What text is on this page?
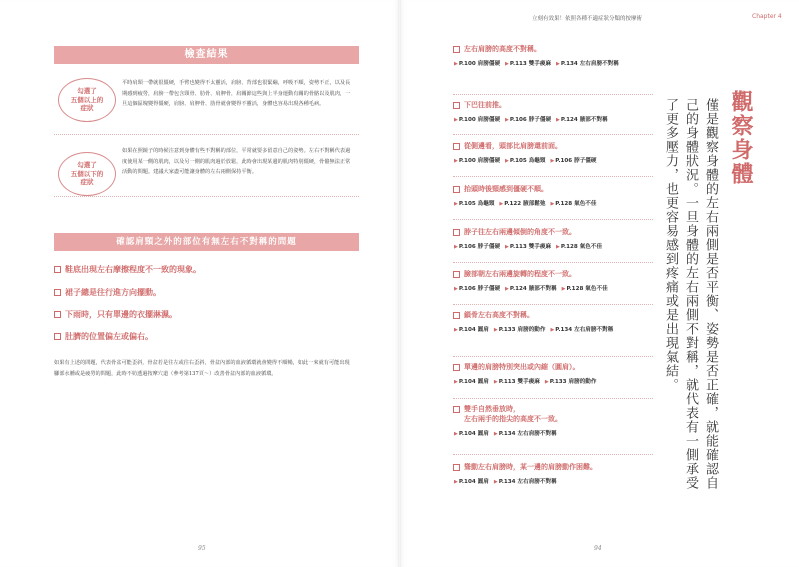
檢查結果
勾選了
五個以上的
症狀
平時肩頸一帶就很僵硬，手臂也變得不太靈活，肩膀、背部也很緊繃，呼吸不順，姿勢不正，以及長期感到疲勞，肩膀一帶包含頸骨、肋骨、肩胛骨，肩關節這些與上半身運動有關的骨骼以及肌肉，一旦這個區塊變得僵硬，肩膀、肩胛骨、肋骨就會變得不靈活，身體也容易出現各種毛病。
勾選了
五個以下的
症狀
如果在照鏡子的時候注意到身體有些不對稱的部位，平常就要多留意自己的姿勢。左右不對稱代表過度使用某一側的肌肉，以及另一側的肌肉過於放鬆，此時會出現某邊的肌肉特別僵硬，骨骼無法正常活動的問題。建議大家盡可能讓身體的左右兩側保持平衡。
確認肩頸之外的部位有無左右不對稱的問題
鞋底出現左右摩擦程度不一致的現象。
裙子總是往行進方向擺動。
下雨時，只有單邊的衣擺淋濕。
肚臍的位置偏左或偏右。
如果有上述的問題，代表骨盆可能歪斜，骨盆若是往左或往右歪斜，骨盆內部的血液循環就會變得不順暢，如此一來就有可能出現腳部水腫或是疲勞的問題，此時不妨透過按摩穴道（參考第137頁～）改善骨盆內部的血液循環。
95
立刻有效果！依照各種不適症狀分類的按摩術	Chapter 4
左右肩膀的高度不對稱。
▶P.100 肩膀僵硬 ▶P.113 雙手痠麻 ▶P.134 左右肩膀不對稱
下巴往前推。
▶P.100 肩膀僵硬 ▶P.106 脖子僵硬 ▶P.124 腋部不對稱
從側邊看，頭部比肩膀還前面。
▶P.100 肩膀僵硬 ▶P.105 烏龜頸 ▶P.106 脖子僵硬
抬頭時後頸感到僵硬不順。
▶P.105 烏龜頸 ▶P.122 腋部鬆弛 ▶P.128 氣色不佳
脖子往左右兩邊傾倒的角度不一致。
▶P.106 脖子僵硬 ▶P.113 雙手痠麻 ▶P.128 氣色不佳
臉部朝左右兩邊旋轉的程度不一致。
▶P.106 脖子僵硬 ▶P.124 腋部不對稱 ▶P.128 氣色不佳
鎖骨左右高度不對稱。
▶P.104 圓肩 ▶P.133 肩膀的動作 ▶P.134 左右肩膀不對稱
單邊的肩膀特別突出或內縮（圓肩）。
▶P.104 圓肩 ▶P.113 雙手痠麻 ▶P.133 肩膀的動作
雙手自然垂放時，
左右兩手的指尖的高度不一致。
▶P.104 圓肩 ▶P.134 左右肩膀不對稱
聳動左右肩膀時，某一邊的肩膀動作困難。
▶P.104 圓肩 ▶P.134 左右肩膀不對稱
觀察身體
僅是觀察身體的左右兩側是否平衡、姿勢是否正確，就能確認自己的身體狀況。一旦身體的左右兩側不對稱，就代表有一側承受了更多壓力，也更容易感到疼痛或是出現氣結。
94
